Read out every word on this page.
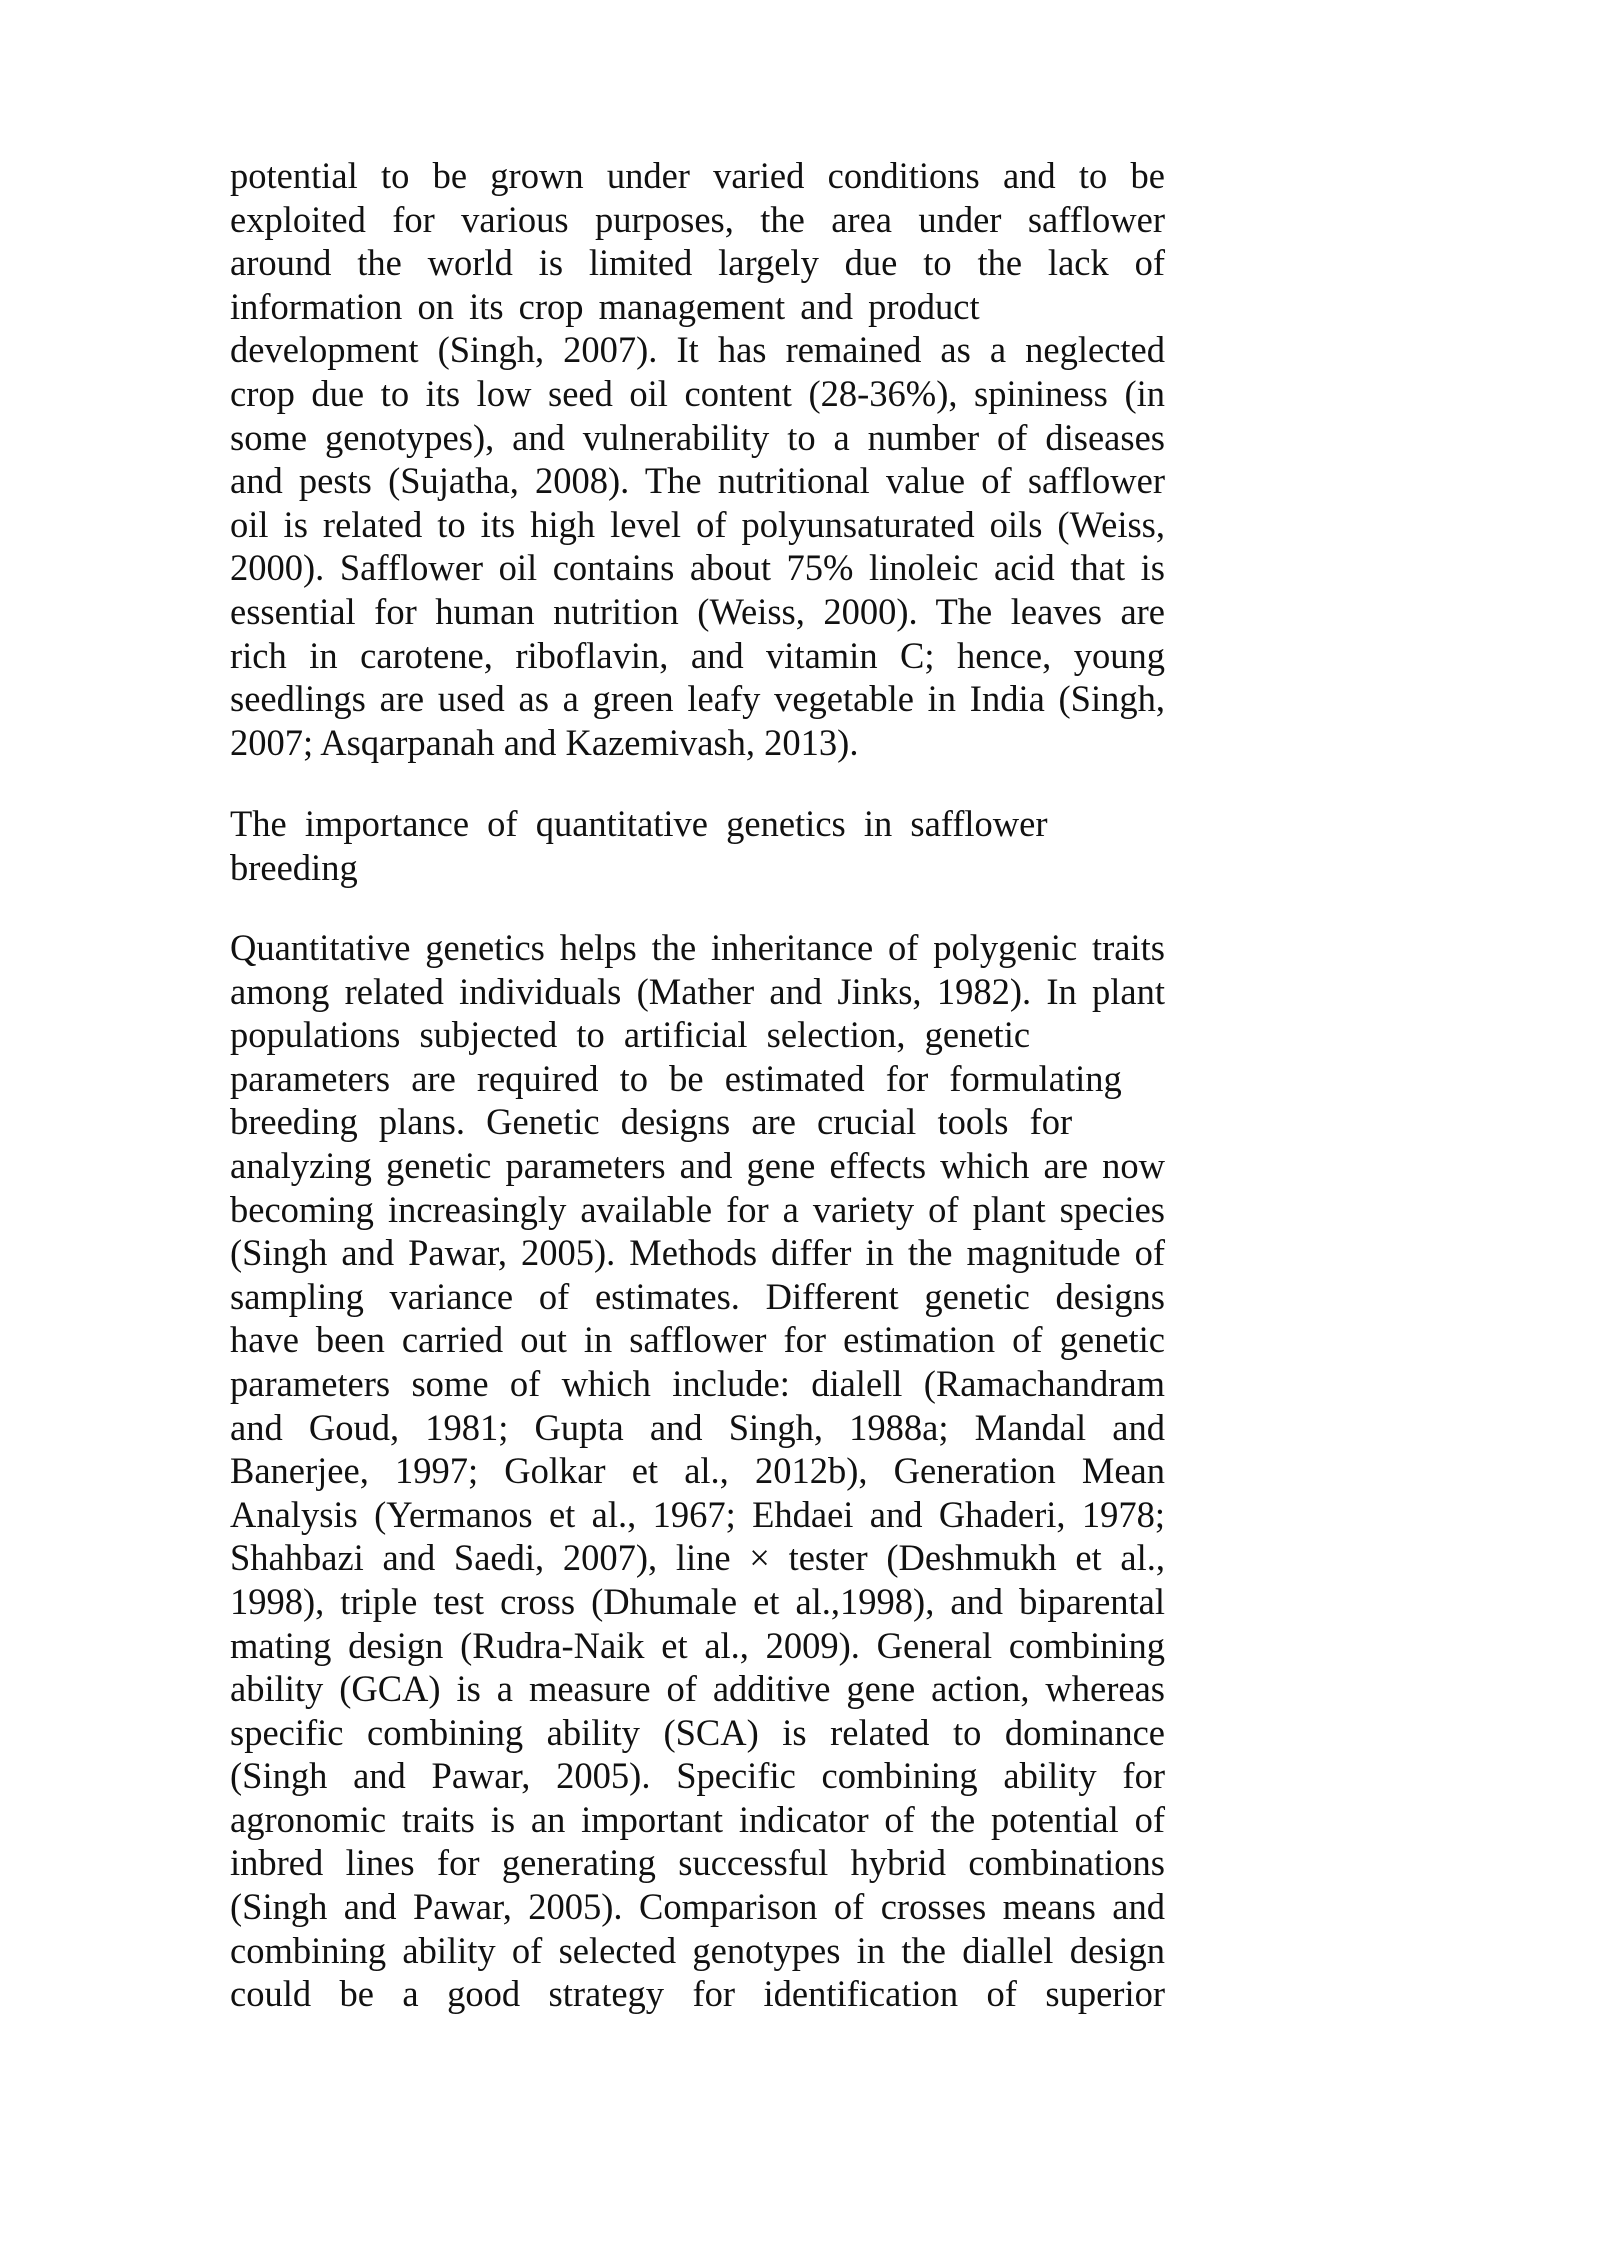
potential to be grown under varied conditions and to be
exploited for various purposes, the area under safflower
around the world is limited largely due to the lack of
information on its crop management and product
development (Singh, 2007). It has remained as a neglected
crop due to its low seed oil content (28-36%), spininess (in
some genotypes), and vulnerability to a number of diseases
and pests (Sujatha, 2008). The nutritional value of safflower
oil is related to its high level of polyunsaturated oils (Weiss,
2000). Safflower oil contains about 75% linoleic acid that is
essential for human nutrition (Weiss, 2000). The leaves are
rich in carotene, riboflavin, and vitamin C; hence, young
seedlings are used as a green leafy vegetable in India (Singh,
2007; Asqarpanah and Kazemivash, 2013).
The importance of quantitative genetics in safflower
breeding
Quantitative genetics helps the inheritance of polygenic traits
among related individuals (Mather and Jinks, 1982). In plant
populations subjected to artificial selection, genetic
parameters are required to be estimated for formulating
breeding plans. Genetic designs are crucial tools for
analyzing genetic parameters and gene effects which are now
becoming increasingly available for a variety of plant species
(Singh and Pawar, 2005). Methods differ in the magnitude of
sampling variance of estimates. Different genetic designs
have been carried out in safflower for estimation of genetic
parameters some of which include: dialell (Ramachandram
and Goud, 1981; Gupta and Singh, 1988a; Mandal and
Banerjee, 1997; Golkar et al., 2012b), Generation Mean
Analysis (Yermanos et al., 1967; Ehdaei and Ghaderi, 1978;
Shahbazi and Saedi, 2007), line × tester (Deshmukh et al.,
1998), triple test cross (Dhumale et al.,1998), and biparental
mating design (Rudra-Naik et al., 2009). General combining
ability (GCA) is a measure of additive gene action, whereas
specific combining ability (SCA) is related to dominance
(Singh and Pawar, 2005). Specific combining ability for
agronomic traits is an important indicator of the potential of
inbred lines for generating successful hybrid combinations
(Singh and Pawar, 2005). Comparison of crosses means and
combining ability of selected genotypes in the diallel design
could be a good strategy for identification of superior
